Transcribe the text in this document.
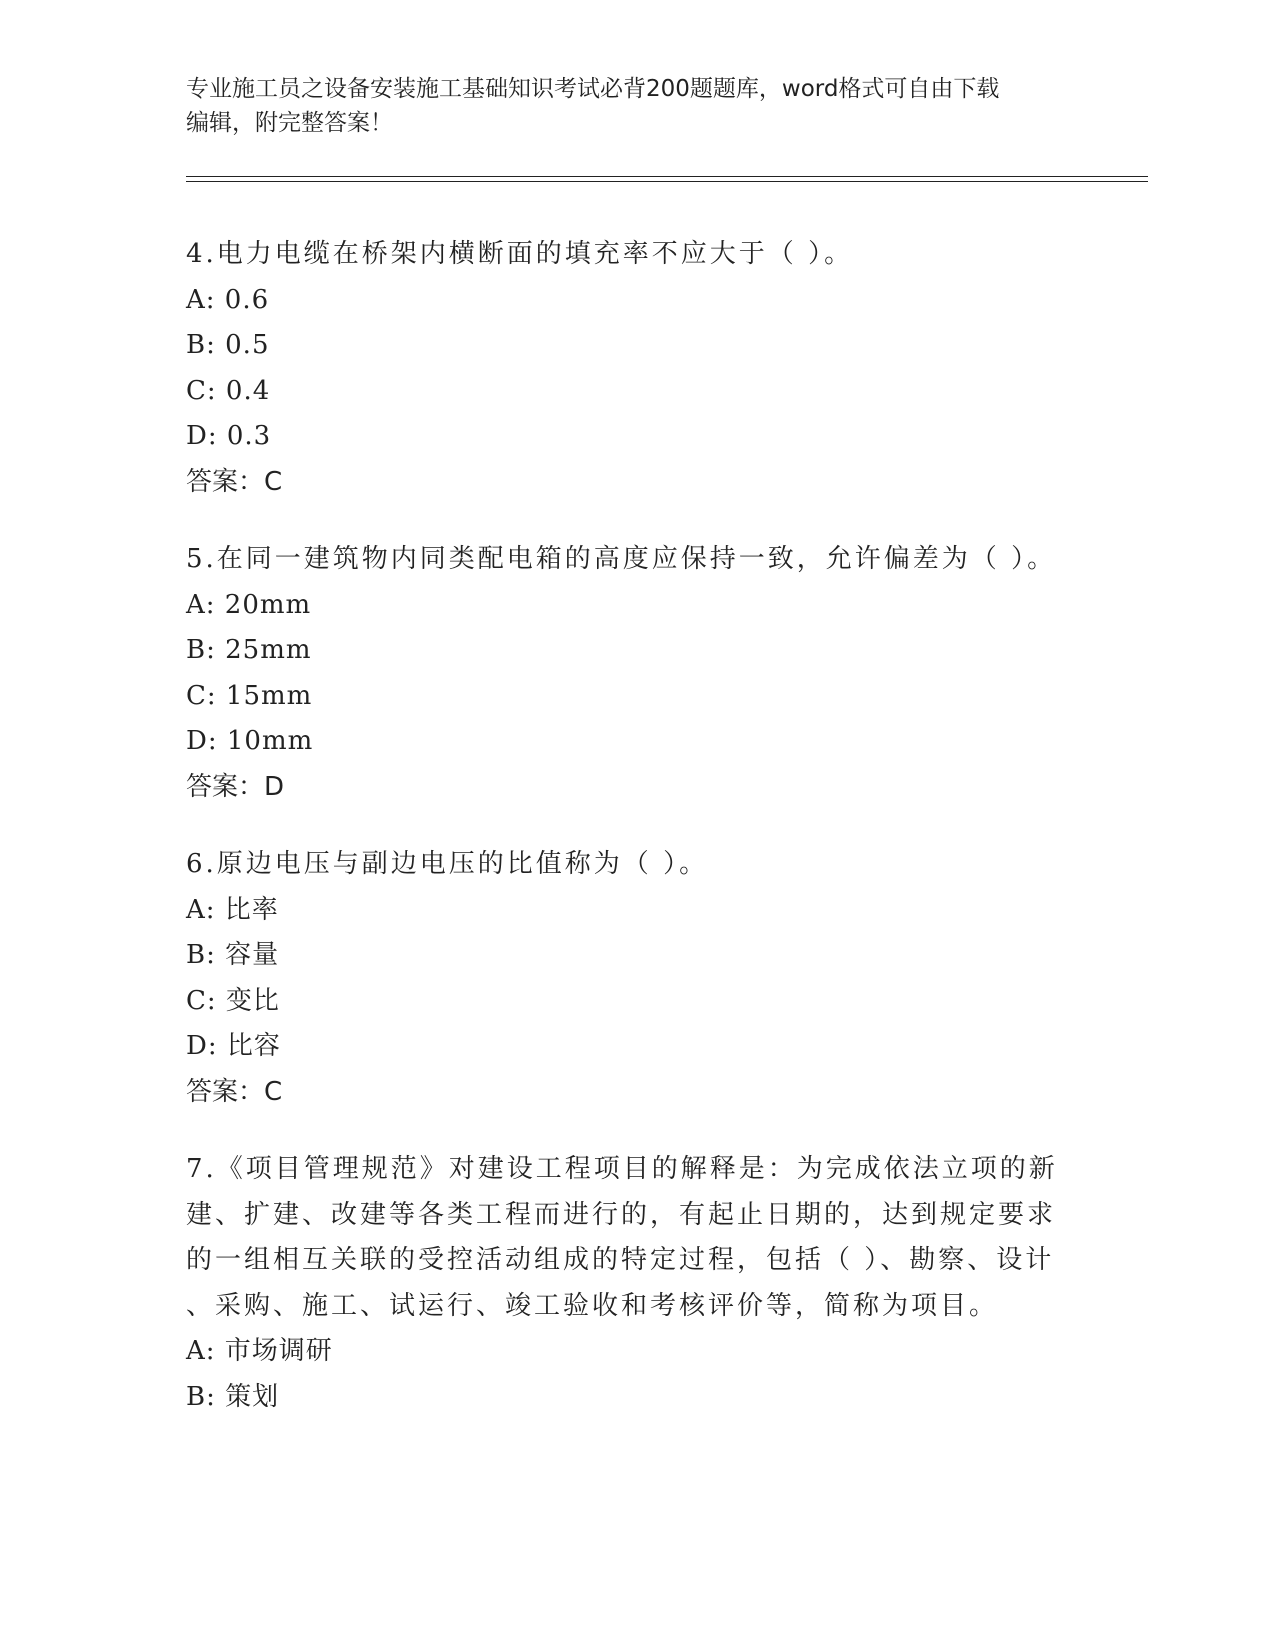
专业施工员之设备安装施工基础知识考试必背200题题库，word格式可自由下载
编辑，附完整答案！
4.电力电缆在桥架内横断面的填充率不应大于（ ）。
A: 0.6
B: 0.5
C: 0.4
D: 0.3
答案：C
5.在同一建筑物内同类配电箱的高度应保持一致，允许偏差为（ ）。
A: 20mm
B: 25mm
C: 15mm
D: 10mm
答案：D
6.原边电压与副边电压的比值称为（ ）。
A: 比率
B: 容量
C: 变比
D: 比容
答案：C
7.《项目管理规范》对建设工程项目的解释是：为完成依法立项的新
建、扩建、改建等各类工程而进行的，有起止日期的，达到规定要求
的一组相互关联的受控活动组成的特定过程，包括（ ）、勘察、设计
、采购、施工、试运行、竣工验收和考核评价等，简称为项目。
A: 市场调研
B: 策划
